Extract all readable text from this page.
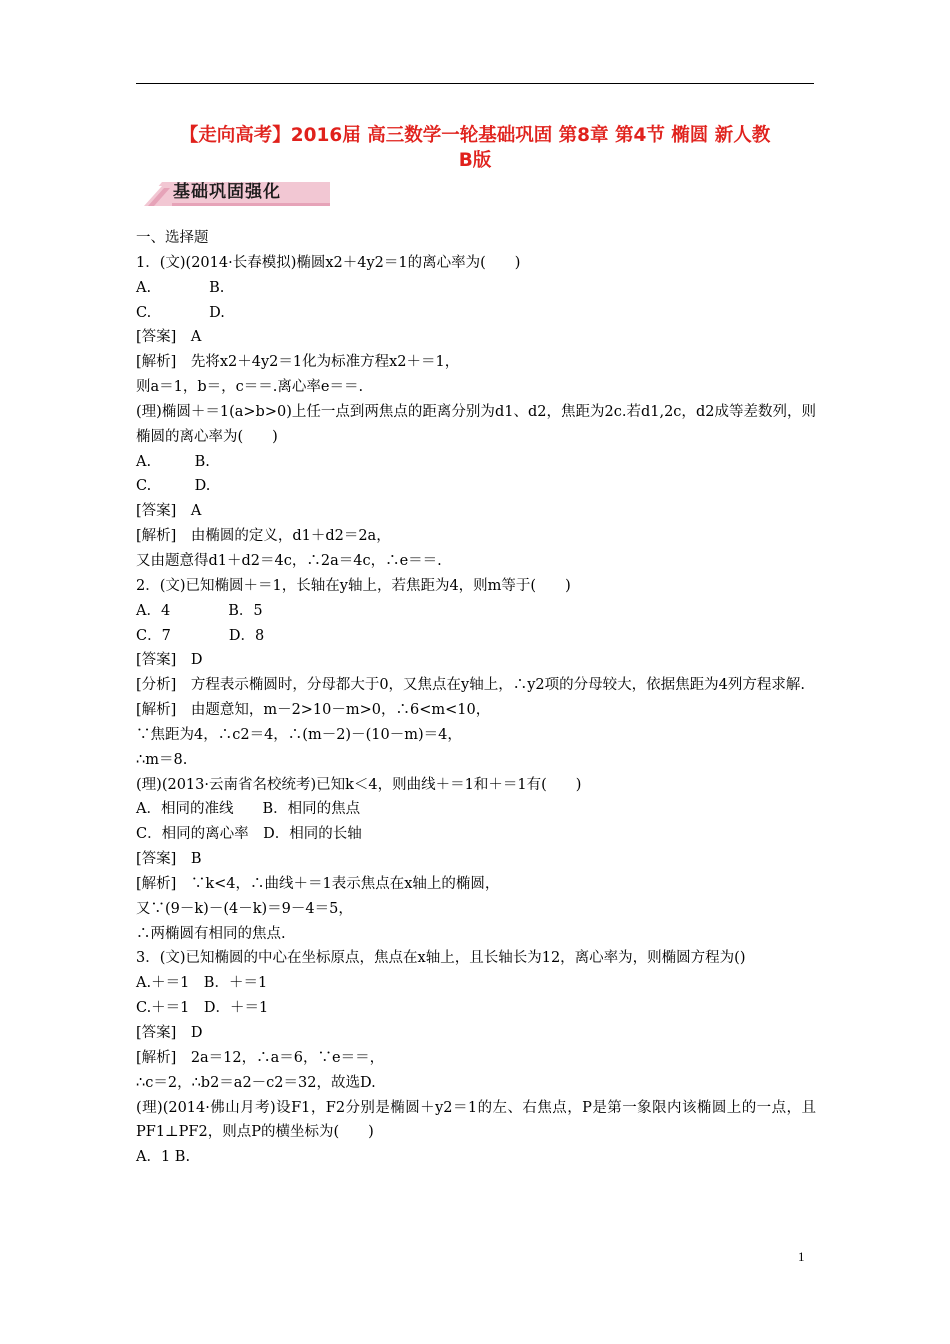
【走向高考】2016届 高三数学一轮基础巩固 第8章 第4节 椭圆 新人教
B版
基础巩固强化
一、选择题
1．(文)(2014·长春模拟)椭圆x2＋4y2＝1的离心率为(　　)
A.　　　　B.
C.　　　　D.
[答案]　A
[解析]　先将x2＋4y2＝1化为标准方程x2＋＝1，
则a＝1，b＝，c＝＝.离心率e＝＝.
(理)椭圆＋＝1(a>b>0)上任一点到两焦点的距离分别为d1、d2，焦距为2c.若d1,2c，d2成等差数列，则椭圆的离心率为(　　)
A.　　　B.
C.　　　D.
[答案]　A
[解析]　由椭圆的定义，d1＋d2＝2a，
又由题意得d1＋d2＝4c，∴2a＝4c，∴e＝＝.
2．(文)已知椭圆＋＝1，长轴在y轴上，若焦距为4，则m等于(　　)
A．4　　　　B．5
C．7　　　　D．8
[答案]　D
[分析]　方程表示椭圆时，分母都大于0，又焦点在y轴上，∴y2项的分母较大，依据焦距为4列方程求解.
[解析]　由题意知，m－2>10－m>0，∴6<m<10，
∵焦距为4，∴c2＝4，∴(m－2)－(10－m)＝4，
∴m＝8.
(理)(2013·云南省名校统考)已知k＜4，则曲线＋＝1和＋＝1有(　　)
A．相同的准线　　B．相同的焦点
C．相同的离心率　D．相同的长轴
[答案]　B
[解析]　∵k<4，∴曲线＋＝1表示焦点在x轴上的椭圆，
又∵(9－k)－(4－k)＝9－4＝5，
∴两椭圆有相同的焦点.
3．(文)已知椭圆的中心在坐标原点，焦点在x轴上，且长轴长为12，离心率为，则椭圆方程为()
A.＋＝1　B．＋＝1
C.＋＝1　D．＋＝1
[答案]　D
[解析]　2a＝12，∴a＝6，∵e＝＝，
∴c＝2，∴b2＝a2－c2＝32，故选D.
(理)(2014·佛山月考)设F1，F2分别是椭圆＋y2＝1的左、右焦点，P是第一象限内该椭圆上的一点，且PF1⊥PF2，则点P的横坐标为(　　)
A．1 B.
1
